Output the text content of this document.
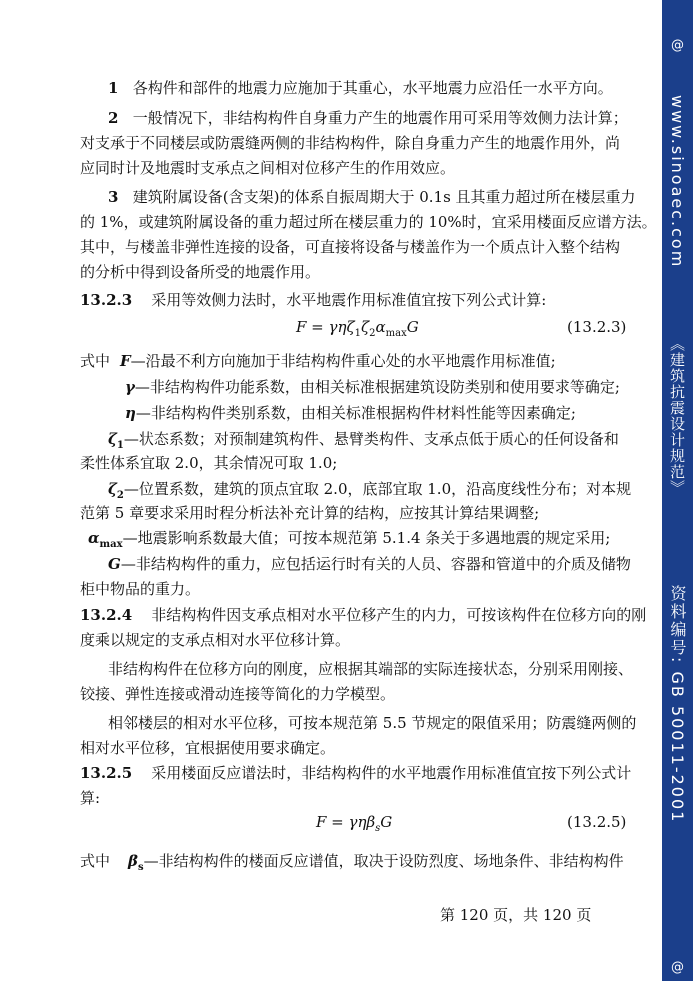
1 各构件和部件的地震力应施加于其重心，水平地震力应沿任一水平方向。
2 一般情况下，非结构构件自身重力产生的地震作用可采用等效侧力法计算；
对支承于不同楼层或防震缝两侧的非结构构件，除自身重力产生的地震作用外，尚
应同时计及地震时支承点之间相对位移产生的作用效应。
3 建筑附属设备(含支架)的体系自振周期大于 0.1s 且其重力超过所在楼层重力
的 1%，或建筑附属设备的重力超过所在楼层重力的 10%时，宜采用楼面反应谱方法。
其中，与楼盖非弹性连接的设备，可直接将设备与楼盖作为一个质点计入整个结构
的分析中得到设备所受的地震作用。
13.2.3 采用等效侧力法时，水平地震作用标准值宜按下列公式计算:
$F = \gamma\eta\zeta_1\zeta_2\alpha_{max}G$	(13.2.3)
式中 F—沿最不利方向施加于非结构构件重心处的水平地震作用标准值;
γ—非结构构件功能系数，由相关标准根据建筑设防类别和使用要求等确定;
η—非结构构件类别系数，由相关标准根据构件材料性能等因素确定;
$\zeta_1—$状态系数；对预制建筑构件、悬臂类构件、支承点低于质心的任何设备和
柔性体系宜取 2.0，其余情况可取 1.0;
$\zeta_2—$位置系数，建筑的顶点宜取 2.0，底部宜取 1.0，沿高度线性分布；对本规
范第 5 章要求采用时程分析法补充计算的结构，应按其计算结果调整;
$\alpha_{max}—$地震影响系数最大值；可按本规范第 5.1.4 条关于多遇地震的规定采用;
G—非结构构件的重力，应包括运行时有关的人员、容器和管道中的介质及储物
柜中物品的重力。
13.2.4 非结构构件因支承点相对水平位移产生的内力，可按该构件在位移方向的刚
度乘以规定的支承点相对水平位移计算。
非结构构件在位移方向的刚度，应根据其端部的实际连接状态，分别采用刚接、
铰接、弹性连接或滑动连接等简化的力学模型。
相邻楼层的相对水平位移，可按本规范第 5.5 节规定的限值采用；防震缝两侧的
相对水平位移，宜根据使用要求确定。
13.2.5 采用楼面反应谱法时，非结构构件的水平地震作用标准值宜按下列公式计
算:
F = γηβ$_s$G	(13.2.5)
式中 $\beta_s—$非结构构件的楼面反应谱值，取决于设防烈度、场地条件、非结构构件
第 120 页，共 120 页
@
www.sinoaec.com
《建筑抗震设计规范》
资料编号: GB 50011-2001
@
